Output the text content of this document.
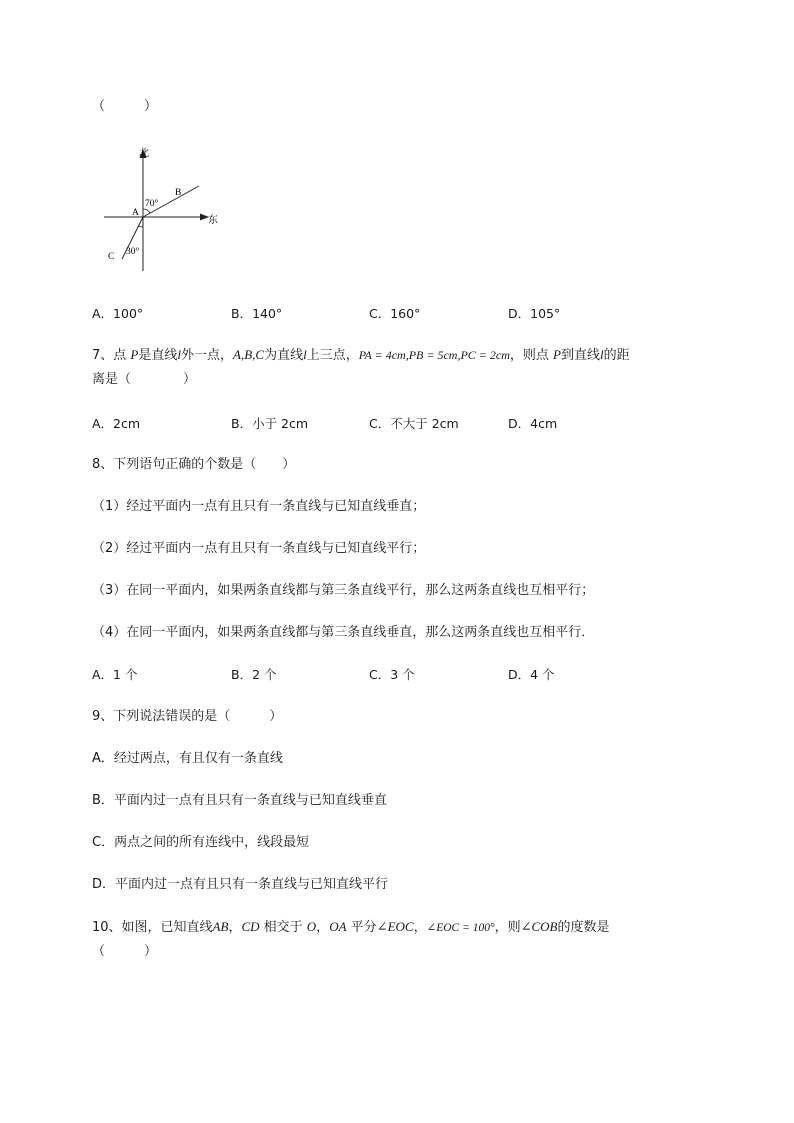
（　　　）
北
东
A
B
C
70°
30°
A．100°	B．140°	C．160°	D．105°
7、点 P是直线l外一点，A,B,C为直线l上三点，PA = 4cm,PB = 5cm,PC = 2cm，则点 P到直线l的距
离是（　　　　）
A．2cm	B．小于 2cm	C．不大于 2cm	D．4cm
8、下列语句正确的个数是（　　）
（1）经过平面内一点有且只有一条直线与已知直线垂直；
（2）经过平面内一点有且只有一条直线与已知直线平行；
（3）在同一平面内，如果两条直线都与第三条直线平行，那么这两条直线也互相平行；
（4）在同一平面内，如果两条直线都与第三条直线垂直，那么这两条直线也互相平行．
A．1 个	B．2 个	C．3 个	D．4 个
9、下列说法错误的是（　　　）
A．经过两点，有且仅有一条直线
B．平面内过一点有且只有一条直线与已知直线垂直
C．两点之间的所有连线中，线段最短
D．平面内过一点有且只有一条直线与已知直线平行
10、如图，已知直线AB，CD 相交于 O，OA 平分∠EOC，∠EOC = 100°，则∠COB的度数是
（　　　）
